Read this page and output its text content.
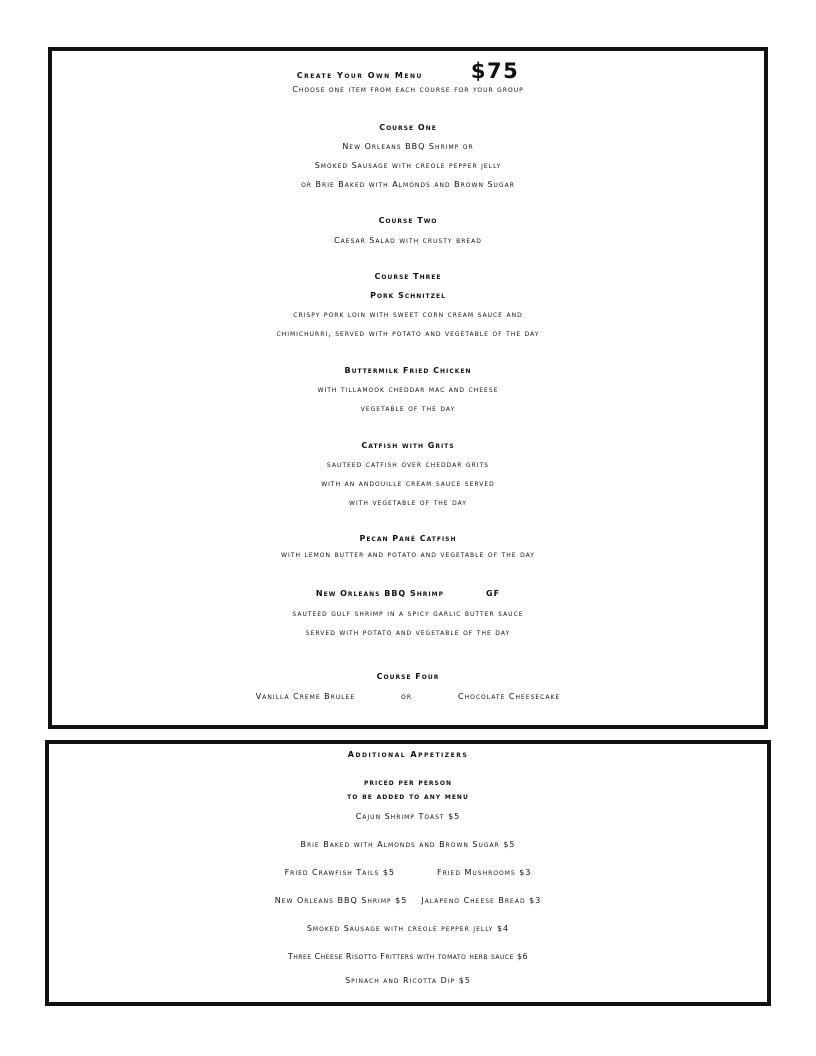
Create Your Own Menu $75
Choose one item from each course for your group
Course One
New Orleans BBQ Shrimp or
Smoked Sausage with creole pepper jelly
or Brie Baked with Almonds and Brown Sugar
Course Two
Caesar Salad with crusty bread
Course Three
Pork Schnitzel
crispy pork loin with sweet corn cream sauce and
chimichurri, served with potato and vegetable of the day
Buttermilk Fried Chicken
with tillamook cheddar mac and cheese
vegetable of the day
Catfish with Grits
sauteed catfish over cheddar grits
with an andouille cream sauce served
with vegetable of the day
Pecan Pané Catfish
with lemon butter and potato and vegetable of the day
New Orleans BBQ Shrimp	GF
sauteed gulf shrimp in a spicy garlic butter sauce
served with potato and vegetable of the day
Course Four
Vanilla Creme Brulee	or	Chocolate Cheesecake
Additional Appetizers
priced per person
to be added to any menu
Cajun Shrimp Toast $5
Brie Baked with Almonds and Brown Sugar $5
Fried Crawfish Tails $5	Fried Mushrooms $3
New Orleans BBQ Shrimp $5 Jalapeno Cheese Bread $3
Smoked Sausage with creole pepper jelly $4
Three Cheese Risotto Fritters with tomato herb sauce $6
Spinach and Ricotta Dip $5
